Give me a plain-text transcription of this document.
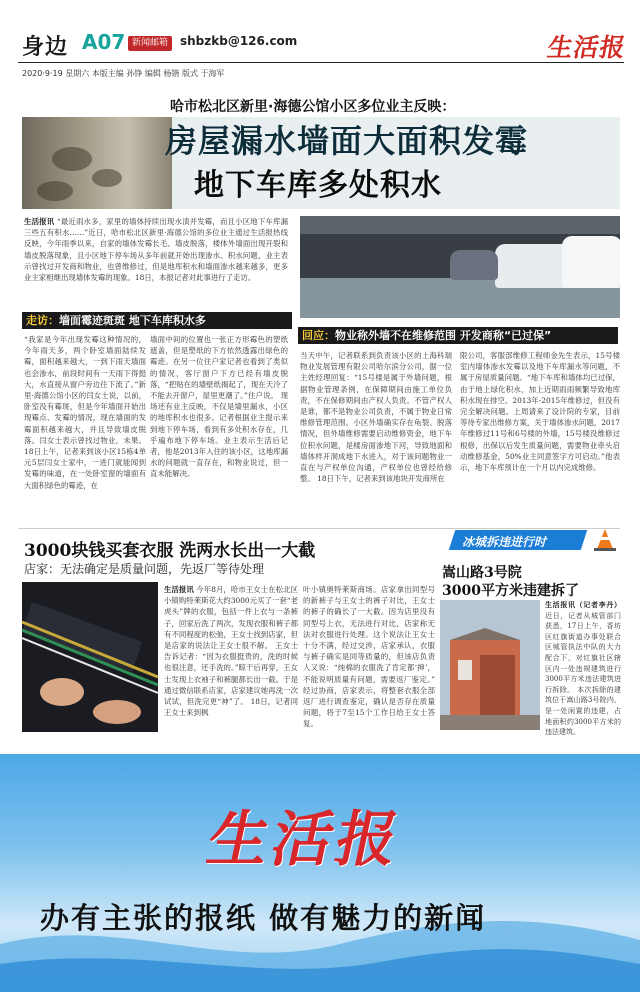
身边 A07 新闻邮箱 shbzkb@126.com	生活报
2020·9·19 星期六 本版主编 孙铮 编辑 杨锴 版式 于海军
哈市松北区新里·海德公馆小区多位业主反映：
房屋漏水墙面大面积发霉
地下车库多处积水
生活报讯 “最近雨水多，家里的墙体持续出现水渍并发霉，而且小区地下车库漏三些五有积水……”近日，哈市松北区新里·海德公馆的多位业主通过生活报热线反映，今年雨季以来，自家的墙体发霉长毛、墙皮脱落，楼体外墙面出现开裂和墙皮脱落现象，且小区地下停车场从多年前就开始出现渗水、积水问题，业主表示曾找过开发商和物业，也曾维修过，但是地库积水和墙面渗水越来越多，更多业主家相继出现墙体发霉的现象。18日，本报记者对此事进行了走访。
走访：墙面霉迹斑斑 地下车库积水多
回应：物业称外墙不在维修范围 开发商称“已过保”
“我家是今年出现发霉这种情况的，今年雨天多，两个卧室墙面陆续发霉，面积越来越大，一到下雨天墙面也会渗水，前段时间有一天雨下得挺大，水直接从窗户旁边往下流了。”新里·海德公馆小区的闫女士说，以前，卧室没有霉斑，但是今年墙面开始出现霉点、发霉的情况，现在墙面的发霉面积越来越大，并且导致墙皮脱落。闫女士表示曾找过物业，未果。 18日上午，记者来到该小区15栋4单元5层闫女士家中，一进门就能闻到发霉的味道，在一处卧室窗的墙面有大面积绿色的霉迹，在
墙面中间的位置也一张正方形霉色的塑纸遮盖，但是塑纸的下方依然透露出绿色的霉迹。在另一位住户家记者也看到了类似的情况，客厅窗户下方已经有墙皮脱落，“把贴在的墙壁纸揭起了，现在天冷了不能去开窗户，屋里更潮了。”住户说。 现场还有业主反映，不仅是墙里漏水，小区的地库积水也很多。记者根据业主提示来到地下停车场，看到有多处积水存在，几乎遍布地下停车场。业主表示生活后记者，他是2013年入住的该小区，这地库漏水的问题就一直存在，和物业说过，但一直未能解决。
当天中午，记者联系到负责该小区的上海科瑞物业发展管理有限公司哈尔滨分公司，据一位主姓经理回复：“15号楼是属于外墙问题，根据物业管理条例，在保障期间由施工单位负责，不在保修期间由产权人负责。不管产权人是谁，都不是物业公司负责，不属于物业日常维修管理范围。小区外墙确实存在龟裂、脱落情况，但外墙维修需要启动维修资金，地下车位积水问题，是楼房面渗地下河，导致地面和墙体样开洞成地下水进入，对于该问题物业一直在与产权单位沟通，产权单位也曾经给修整。 18日下午，记者来到该地块开发商所在
限公司，客服部维修工程师金先生表示，15号楼室内墙体渗水发霉以及地下车库漏水等问题，不属于房屋质量问题。“地下车库和墙体均已过保，由于地上绿化积水，加上近期雨雨频繁导致地库积水现在排空。2013年-2015年维修过，但没有完全解决问题。上周请来了设计院的专家，目前等待专家出维修方案，关于墙体渗水问题，2017年维修过11号和6号楼的外墙，15号楼没维修过根修，出保以后发生质量问题，需要物业牵头启动维修基金，50%业主同意签字方可启动。”他表示，地下车库预计在一个月以内完成维修。
3000块钱买套衣服 洗两水长出一大截
店家：无法确定是质量问题，先返厂等待处理
生活报讯 今年8月，哈市王女士在松北区小镇购特莱斯花大约3000元买了一套“老虎头”牌的衣服，包括一件上衣与一条裤子，回家后洗了两次，发现衣服和裤子都有不同程度的松弛，王女士找到店家，但是店家的说法让王女士很不解。 王女士告诉记者：“因为衣服挺贵的，洗的时候也很注意，还手洗的。”晾干后再穿，王女士发现上衣袖子和裤腿都长出一截。于是通过微信联系店家，店家建议她再洗一次试试，但洗完更“神”了。 18日，记者同王女士来到枫
叶小镇奥特莱斯商场。店家拿出同型号的新裤子与王女士的裤子对比，王女士的裤子的确长了一大截。因为店里没有同型号上衣，无法进行对比，店家称无法对衣服进行处理。这个说法让王女士十分不满，经过交涉，店家承认，衣服与裤子确实是同等质量的，但该店负责人又说：“纯棉的衣服洗了肯定都‘抻’，不能说明质量有问题，需要返厂鉴定。” 经过协商，店家表示，将整套衣服全部返厂进行调查鉴定，确认是否存在质量问题，将于7至15个工作日给王女士答复。
冰城拆违进行时
嵩山路3号院
3000平方米违建拆了
生活报讯（记者李丹） 近日，记者从城管部门获悉，17日上午，香坊区红旗街道办事处联合区城管执法中队的大力配合下，对红旗社区辖区内一处违规建筑进行3000平方米违法建筑进行拆除。 本次拆除的建筑位于嵩山路3号院内，是一处闲置的违建，占地面积约3000平方米的违法建筑。
生活报
办有主张的报纸 做有魅力的新闻
